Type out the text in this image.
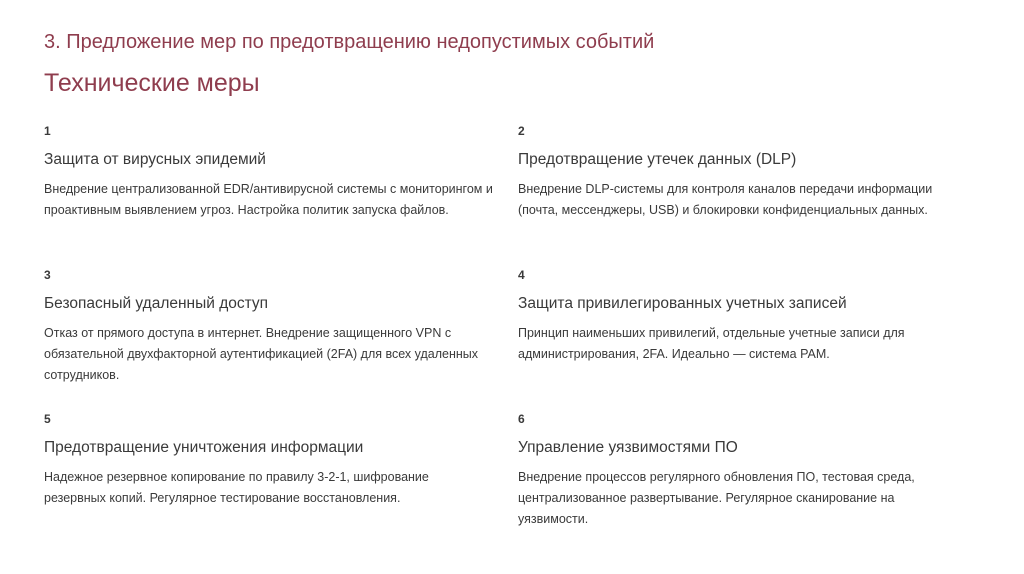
3. Предложение мер по предотвращению недопустимых событий
Технические меры
1
Защита от вирусных эпидемий
Внедрение централизованной EDR/антивирусной системы с мониторингом и проактивным выявлением угроз. Настройка политик запуска файлов.
2
Предотвращение утечек данных (DLP)
Внедрение DLP-системы для контроля каналов передачи информации (почта, мессенджеры, USB) и блокировки конфиденциальных данных.
3
Безопасный удаленный доступ
Отказ от прямого доступа в интернет. Внедрение защищенного VPN с обязательной двухфакторной аутентификацией (2FA) для всех удаленных сотрудников.
4
Защита привилегированных учетных записей
Принцип наименьших привилегий, отдельные учетные записи для администрирования, 2FA. Идеально — система PAM.
5
Предотвращение уничтожения информации
Надежное резервное копирование по правилу 3-2-1, шифрование резервных копий. Регулярное тестирование восстановления.
6
Управление уязвимостями ПО
Внедрение процессов регулярного обновления ПО, тестовая среда, централизованное развертывание. Регулярное сканирование на уязвимости.
